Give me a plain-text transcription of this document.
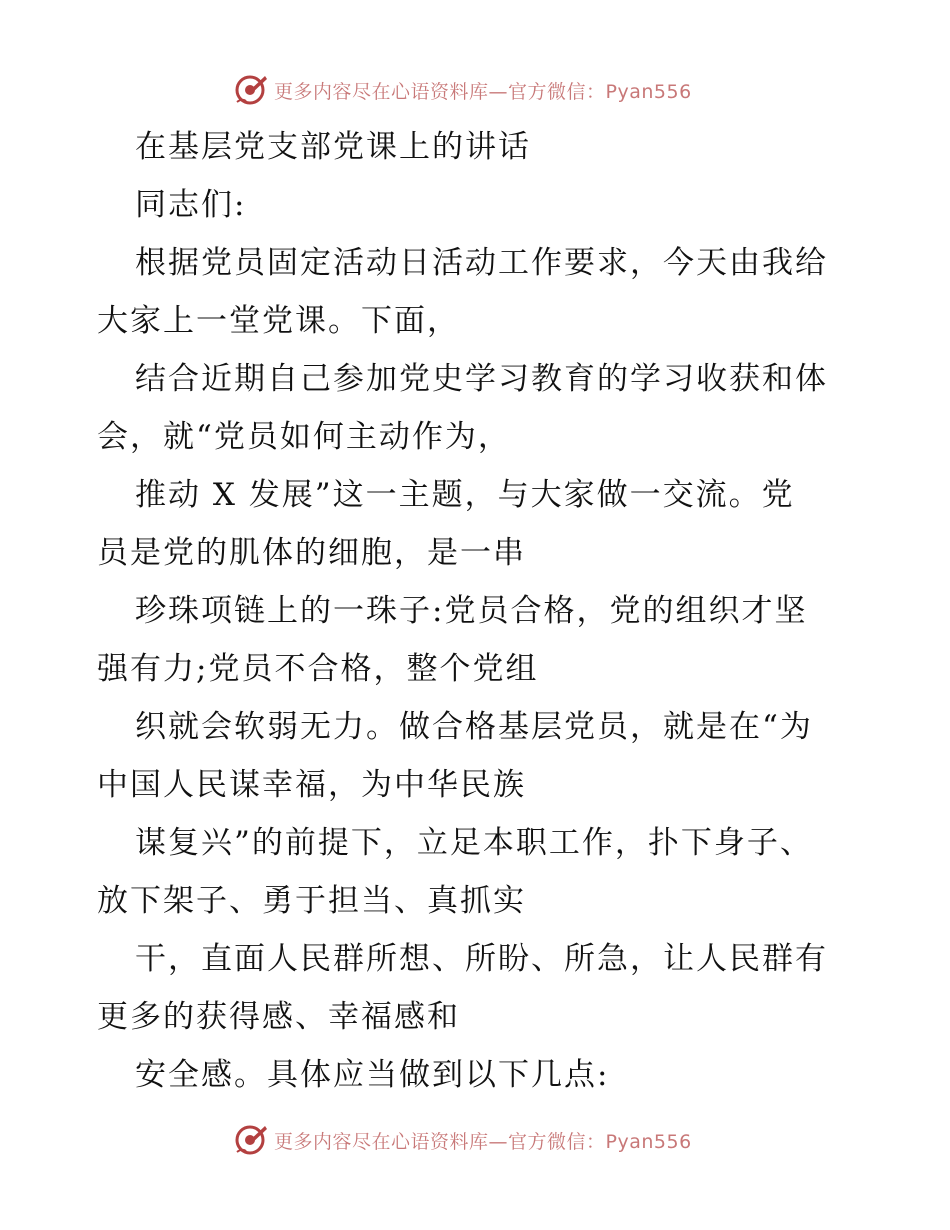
更多内容尽在心语资料库—官方微信：Pyan556
在基层党支部党课上的讲话
同志们:
根据党员固定活动日活动工作要求，今天由我给
大家上一堂党课。下面，
结合近期自己参加党史学习教育的学习收获和体
会，就“党员如何主动作为，
推动 X 发展”这一主题，与大家做一交流。党
员是党的肌体的细胞，是一串
珍珠项链上的一珠子:党员合格，党的组织才坚
强有力;党员不合格，整个党组
织就会软弱无力。做合格基层党员，就是在“为
中国人民谋幸福，为中华民族
谋复兴”的前提下，立足本职工作，扑下身子、
放下架子、勇于担当、真抓实
干，直面人民群所想、所盼、所急，让人民群有
更多的获得感、幸福感和
安全感。具体应当做到以下几点:
更多内容尽在心语资料库—官方微信：Pyan556
